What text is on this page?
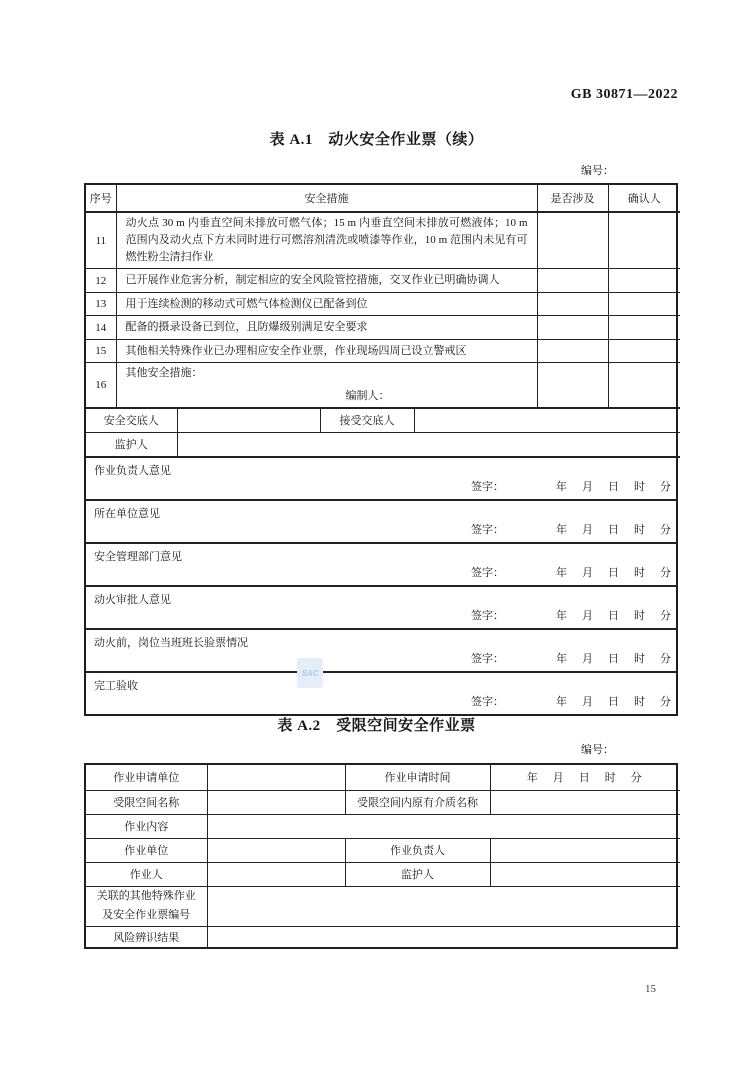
GB 30871—2022
表 A.1　动火安全作业票（续）
编号：
序号	安全措施	是否涉及	确认人
11	动火点 30 m 内垂直空间未排放可燃气体；15 m 内垂直空间未排放可燃液体；10 m 范围内及动火点下方未同时进行可燃溶剂清洗或喷漆等作业，10 m 范围内未见有可燃性粉尘清扫作业		
12	已开展作业危害分析，制定相应的安全风险管控措施，交叉作业已明确协调人		
13	用于连续检测的移动式可燃气体检测仪已配备到位		
14	配备的摄录设备已到位，且防爆级别满足安全要求		
15	其他相关特殊作业已办理相应安全作业票，作业现场四周已设立警戒区		
16	其他安全措施：
编制人：		

安全交底人		接受交底人	
监护人	
作业负责人意见
签字：	年　月　日　时　分

所在单位意见
签字：	年　月　日　时　分

安全管理部门意见
签字：	年　月　日　时　分

动火审批人意见
签字：	年　月　日　时　分

动火前，岗位当班班长验票情况
签字：	年　月　日　时　分

完工验收
签字：	年　月　日　时　分
SAC
表 A.2　受限空间安全作业票
编号：
作业申请单位		作业申请时间	年　月　日　时　分
受限空间名称		受限空间内原有介质名称	
作业内容			
作业单位		作业负责人	
作业人		监护人	

关联的其他特殊作业
及安全作业票编号			

风险辨识结果			
15
